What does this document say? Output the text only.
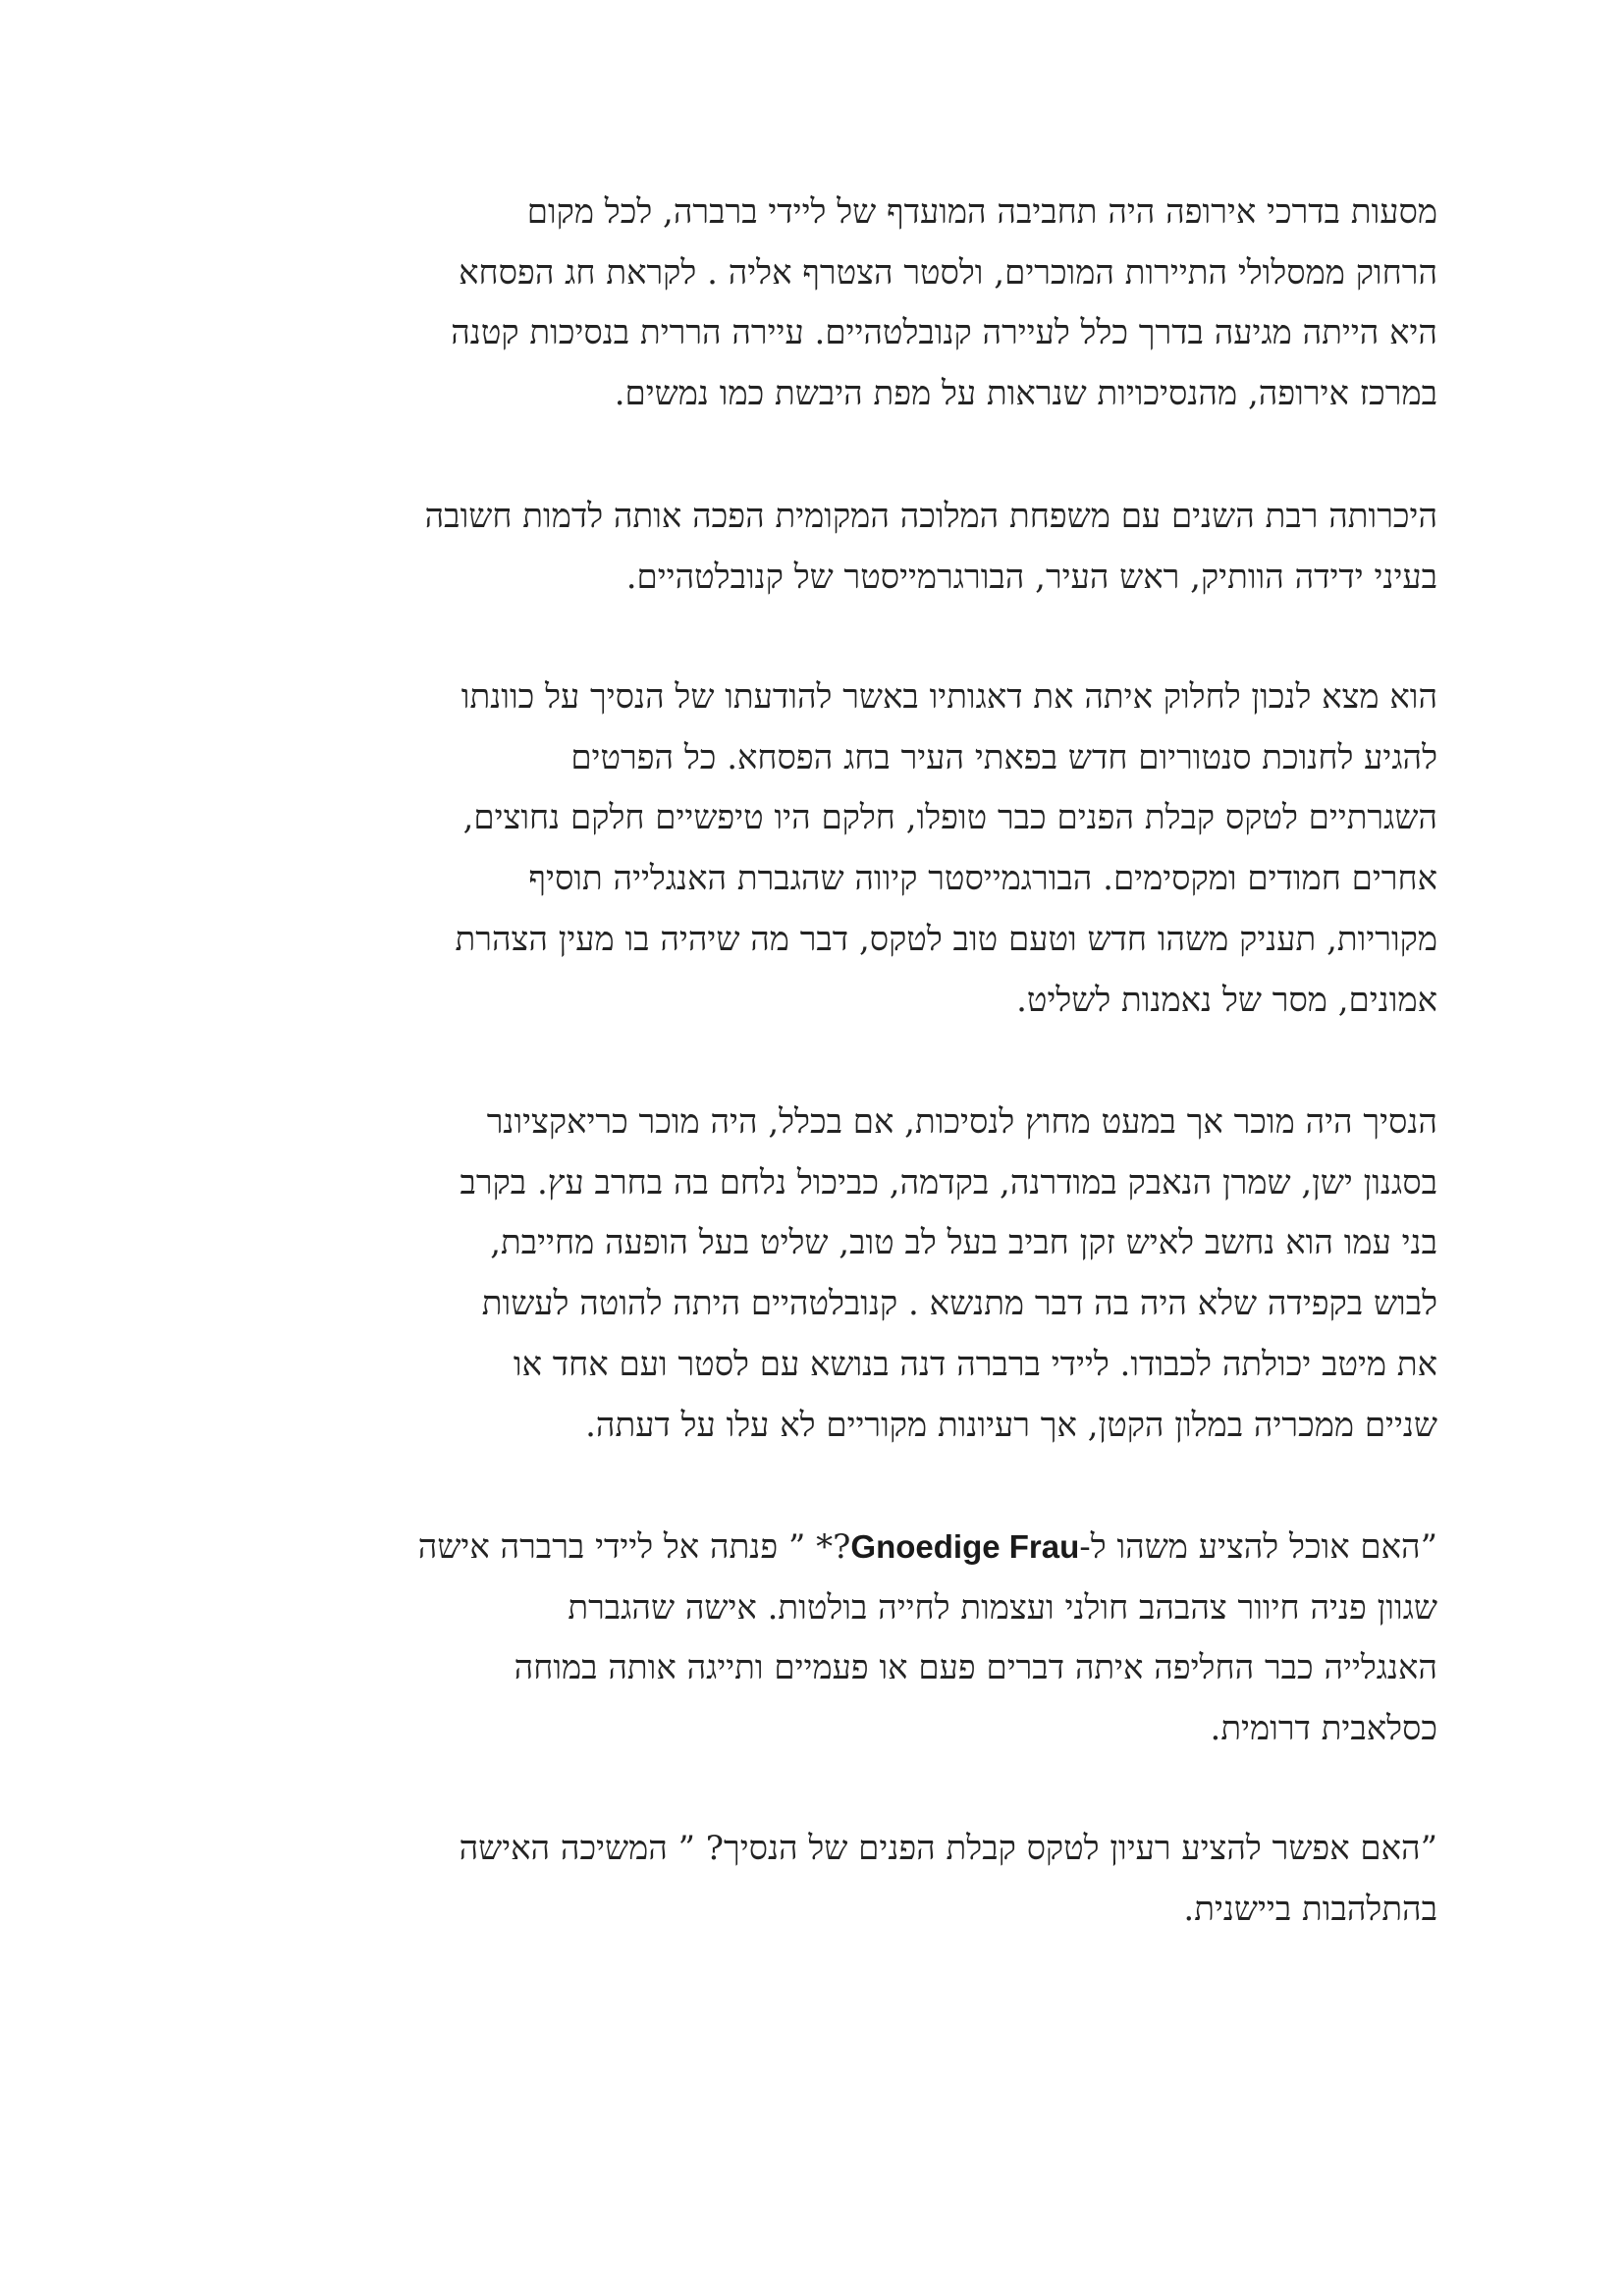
מסעות בדרכי אירופה היה תחביבה המועדף של ליידי ברברה, לכל מקום
הרחוק ממסלולי התיירות המוכרים, ולסטר הצטרף אליה . לקראת חג הפסחא
היא הייתה מגיעה בדרך כלל לעיירה קנובלטהיים. עיירה הררית בנסיכות קטנה
במרכז אירופה, מהנסיכויות שנראות על מפת היבשת כמו נמשים.
היכרותה רבת השנים עם משפחת המלוכה המקומית הפכה אותה לדמות חשובה
בעיני ידידה הוותיק, ראש העיר, הבורגרמייסטר של קנובלטהיים.
הוא מצא לנכון לחלוק איתה את דאגותיו באשר להודעתו של הנסיך על כוונתו
להגיע לחנוכת סנטוריום חדש בפאתי העיר בחג הפסחא. כל הפרטים
השגרתיים לטקס קבלת הפנים כבר טופלו, חלקם היו טיפשיים חלקם נחוצים,
אחרים חמודים ומקסימים. הבורגמייסטר קיווה שהגברת האנגלייה תוסיף
מקוריות, תעניק משהו חדש וטעם טוב לטקס, דבר מה שיהיה בו מעין הצהרת
אמונים, מסר של נאמנות לשליט.
הנסיך היה מוכר אך במעט מחוץ לנסיכות, אם בכלל, היה מוכר כריאקציונר
בסגנון ישן, שמרן הנאבק במודרנה, בקדמה, כביכול נלחם בה בחרב עץ. בקרב
בני עמו הוא נחשב לאיש זקן חביב בעל לב טוב, שליט בעל הופעה מחייבת,
לבוש בקפידה שלא היה בה דבר מתנשא . קנובלטהיים היתה להוטה לעשות
את מיטב יכולתה לכבודו. ליידי ברברה דנה בנושא עם לסטר ועם אחד או
שניים ממכריה במלון הקטן, אך רעיונות מקוריים לא עלו על דעתה.
”האם אוכל להציע משהו ל-Gnoedige Frau?* ” פנתה אל ליידי ברברה אישה
שגוון פניה חיוור צהבהב חולני ועצמות לחייה בולטות. אישה שהגברת
האנגלייה כבר החליפה איתה דברים פעם או פעמיים ותייגה אותה במוחה
כסלאבית דרומית.
”האם אפשר להציע רעיון לטקס קבלת הפנים של הנסיך? ” המשיכה האישה
בהתלהבות ביישנית.
